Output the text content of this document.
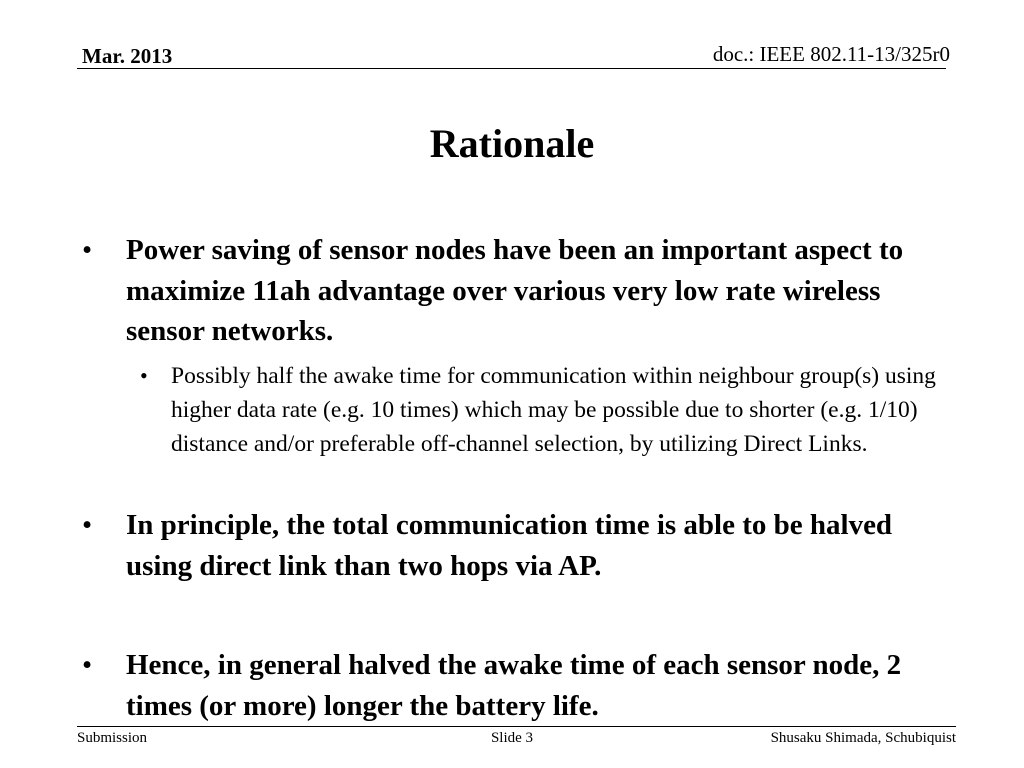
Mar. 2013	doc.: IEEE 802.11-13/325r0
Rationale
• Power saving of sensor nodes have been an important aspect to maximize 11ah advantage over various very low rate wireless sensor networks.
• Possibly half the awake time for communication within neighbour group(s) using higher data rate (e.g. 10 times) which may be possible due to shorter (e.g. 1/10) distance and/or preferable off-channel selection, by utilizing Direct Links.
• In principle, the total communication time is able to be halved using direct link than two hops via AP.
• Hence, in general halved the awake time of each sensor node, 2 times (or more) longer the battery life.
Submission	Slide 3	Shusaku Shimada, Schubiquist
